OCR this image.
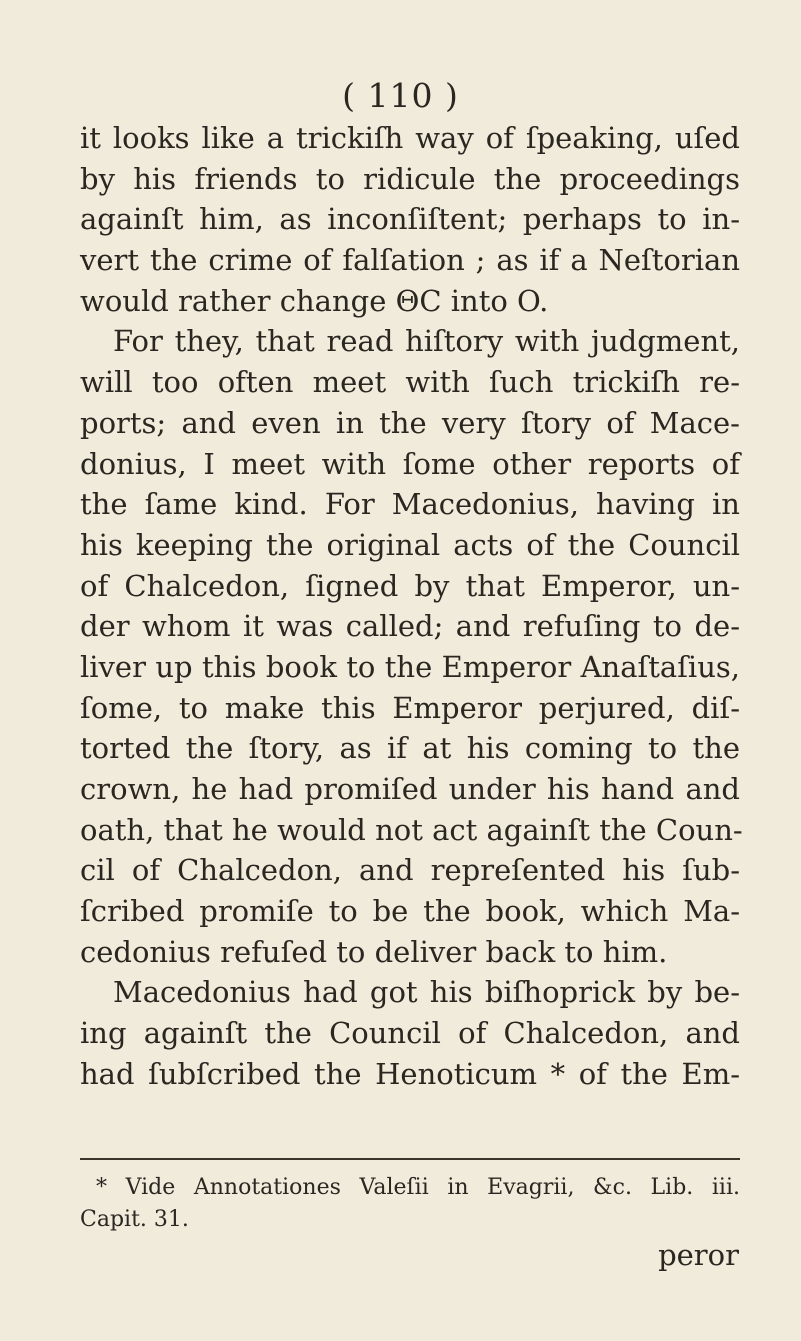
( 110 )
it looks like a trickiſh way of ſpeaking, uſed
by his friends to ridicule the proceedings
againſt him, as inconſiſtent; perhaps to in-
vert the crime of falſation ; as if a Neſtorian
would rather change ΘC into O.
For they, that read hiſtory with judgment,
will too often meet with ſuch trickiſh re-
ports; and even in the very ſtory of Mace-
donius, I meet with ſome other reports of
the ſame kind. For Macedonius, having in
his keeping the original acts of the Council
of Chalcedon, ſigned by that Emperor, un-
der whom it was called; and refuſing to de-
liver up this book to the Emperor Anaſtaſius,
ſome, to make this Emperor perjured, diſ-
torted the ſtory, as if at his coming to the
crown, he had promiſed under his hand and
oath, that he would not act againſt the Coun-
cil of Chalcedon, and repreſented his ſub-
ſcribed promiſe to be the book, which Ma-
cedonius refuſed to deliver back to him.
Macedonius had got his biſhoprick by be-
ing againſt the Council of Chalcedon, and
had ſubſcribed the Henoticum * of the Em-
* Vide Annotationes Valeſii in Evagrii, &c. Lib. iii.
Capit. 31.
peror
